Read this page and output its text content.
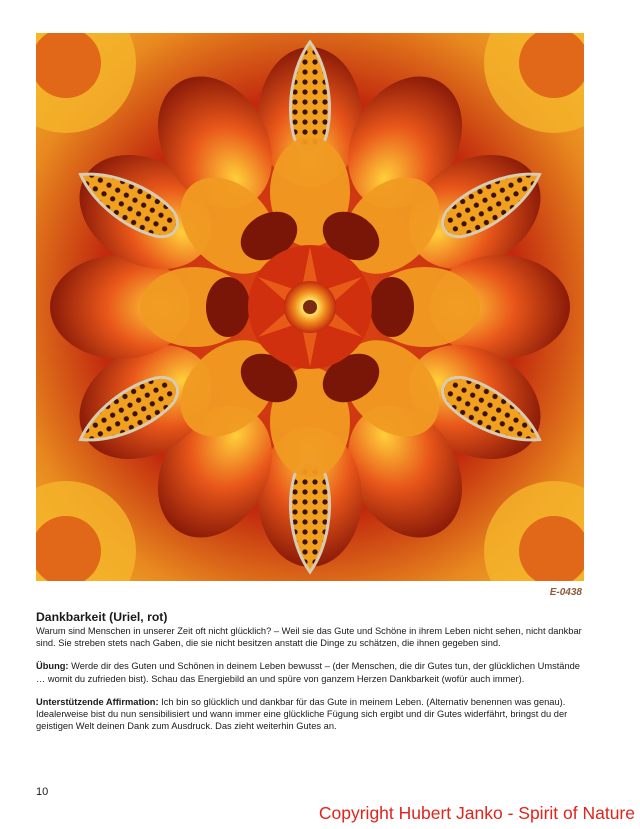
E-0438
Dankbarkeit (Uriel, rot)

Warum sind Menschen in unserer Zeit oft nicht glücklich? – Weil sie das Gute und Schöne in ihrem Leben nicht sehen, nicht dankbar sind. Sie streben stets nach Gaben, die sie nicht besitzen anstatt die Dinge zu schätzen, die ihnen gegeben sind.

Übung: Werde dir des Guten und Schönen in deinem Leben bewusst – (der Menschen, die dir Gutes tun, der glücklichen Umstände … womit du zufrieden bist). Schau das Energiebild an und spüre von ganzem Herzen Dankbarkeit (wofür auch immer).

Unterstützende Affirmation: Ich bin so glücklich und dankbar für das Gute in meinem Leben. (Alternativ benennen was genau).

Idealerweise bist du nun sensibilisiert und wann immer eine glückliche Fügung sich ergibt und dir Gutes widerfährt, bringst du der geistigen Welt deinen Dank zum Ausdruck. Das zieht weiterhin Gutes an.

10
Copyright Hubert Janko - Spirit of Nature
